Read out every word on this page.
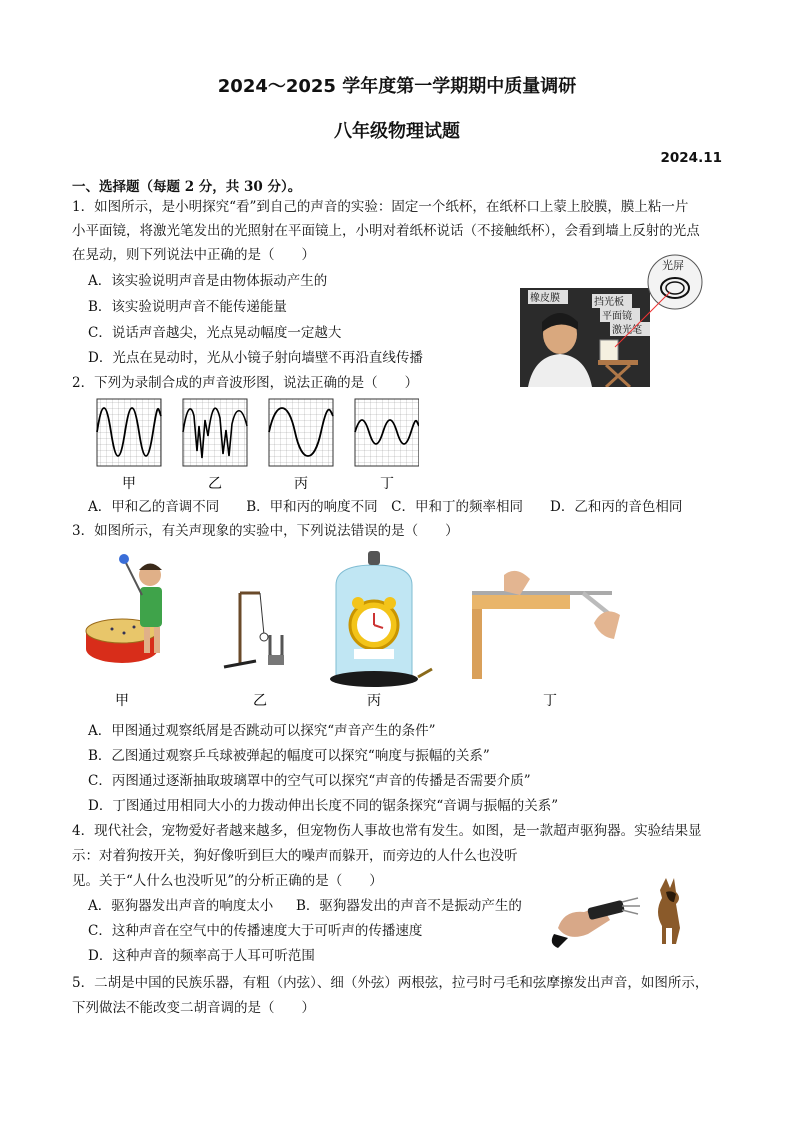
2024～2025 学年度第一学期期中质量调研
八年级物理试题
2024.11
一、选择题（每题 2 分，共 30 分）。
1．如图所示，是小明探究“看”到自己的声音的实验：固定一个纸杯，在纸杯口上蒙上胶膜，膜上粘一片
小平面镜，将激光笔发出的光照射在平面镜上，小明对着纸杯说话（不接触纸杯），会看到墙上反射的光点
在晃动，则下列说法中正确的是（　　）
A．该实验说明声音是由物体振动产生的
B．该实验说明声音不能传递能量
C．说话声音越尖，光点晃动幅度一定越大
D．光点在晃动时，光从小镜子射向墙壁不再沿直线传播
光屏
橡皮膜	挡光板
平面镜
激光笔
2．下列为录制合成的声音波形图，说法正确的是（　　）
甲	乙	丙	丁
A．甲和乙的音调不同　　B．甲和丙的响度不同　C．甲和丁的频率相同　　D．乙和丙的音色相同
3．如图所示，有关声现象的实验中，下列说法错误的是（　　）
甲	乙	丙	丁
A．甲图通过观察纸屑是否跳动可以探究“声音产生的条件”
B．乙图通过观察乒乓球被弹起的幅度可以探究“响度与振幅的关系”
C．丙图通过逐渐抽取玻璃罩中的空气可以探究“声音的传播是否需要介质”
D．丁图通过用相同大小的力拨动伸出长度不同的锯条探究“音调与振幅的关系”
4．现代社会，宠物爱好者越来越多，但宠物伤人事故也常有发生。如图，是一款超声驱狗器。实验结果显
示：对着狗按开关，狗好像听到巨大的噪声而躲开，而旁边的人什么也没听
见。关于“人什么也没听见”的分析正确的是（　　）
A．驱狗器发出声音的响度太小 B．驱狗器发出的声音不是振动产生的
C．这种声音在空气中的传播速度大于可听声的传播速度
D．这种声音的频率高于人耳可听范围
5．二胡是中国的民族乐器，有粗（内弦）、细（外弦）两根弦，拉弓时弓毛和弦摩擦发出声音，如图所示，
下列做法不能改变二胡音调的是（　　）
